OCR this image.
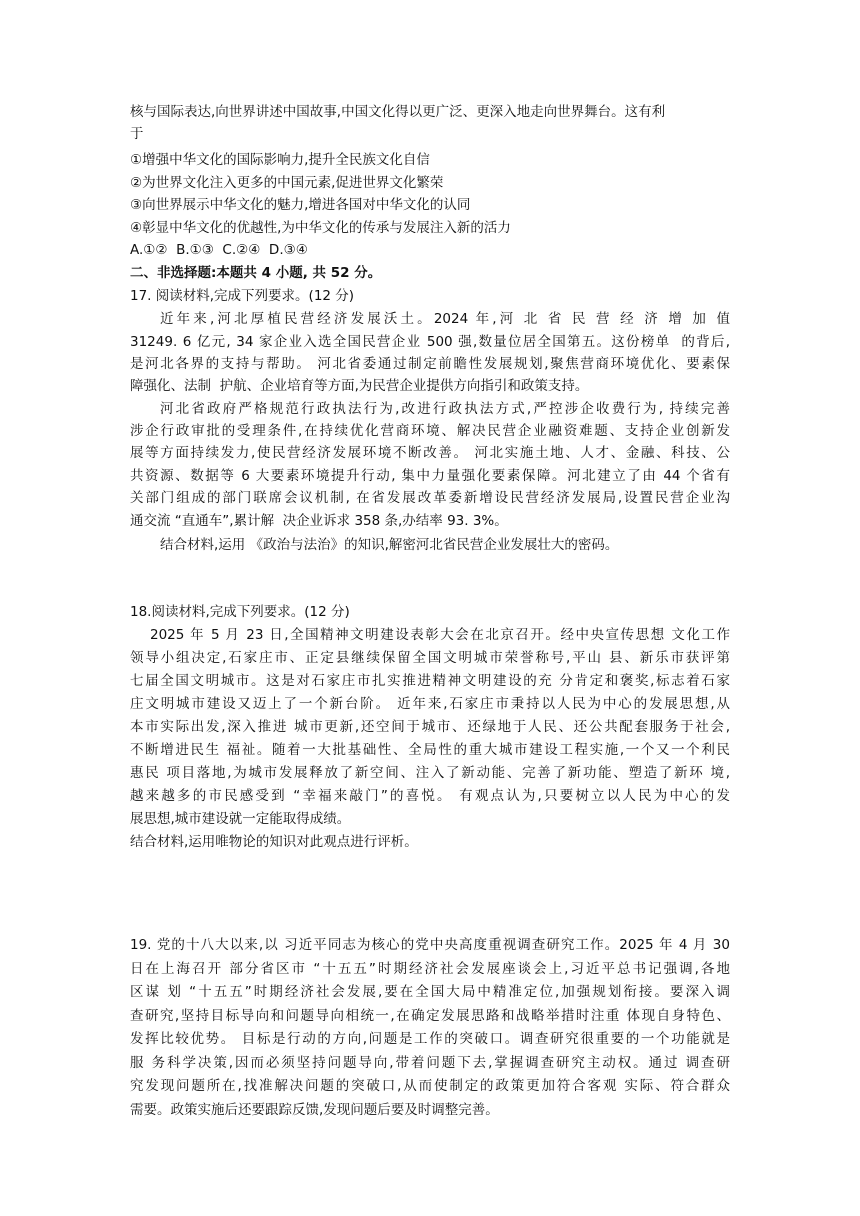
核与国际表达,向世界讲述中国故事,中国文化得以更广泛、更深入地走向世界舞台。这有利
于
①增强中华文化的国际影响力,提升全民族文化自信
②为世界文化注入更多的中国元素,促进世界文化繁荣
③向世界展示中华文化的魅力,增进各国对中华文化的认同
④彰显中华文化的优越性,为中华文化的传承与发展注入新的活力
A.①②  B.①③  C.②④  D.③④
二、非选择题:本题共 4 小题, 共 52 分。
17. 阅读材料,完成下列要求。(12 分)
近年来,河北厚植民营经济发展沃土。2024 年,河 北 省 民 营 经 济 增 加 值
31249. 6 亿元, 34 家企业入选全国民营企业 500 强,数量位居全国第五。这份榜单  的背后,
是河北各界的支持与帮助。 河北省委通过制定前瞻性发展规划,聚焦营商环境优化、要素保
障强化、法制  护航、企业培育等方面,为民营企业提供方向指引和政策支持。
河北省政府严格规范行政执法行为,改进行政执法方式,严控涉企收费行为, 持续完善
涉企行政审批的受理条件,在持续优化营商环境、解决民营企业融资难题、支持企业创新发
展等方面持续发力,使民营经济发展环境不断改善。 河北实施土地、人才、金融、科技、公
共资源、数据等 6 大要素环境提升行动, 集中力量强化要素保障。河北建立了由 44 个省有
关部门组成的部门联席会议机制, 在省发展改革委新增设民营经济发展局,设置民营企业沟
通交流 “直通车”,累计解  决企业诉求 358 条,办结率 93. 3%。
结合材料,运用 《政治与法治》的知识,解密河北省民营企业发展壮大的密码。
18.阅读材料,完成下列要求。(12 分)
2025 年 5 月 23 日,全国精神文明建设表彰大会在北京召开。经中央宣传思想 文化工作
领导小组决定,石家庄市、正定县继续保留全国文明城市荣誉称号,平山 县、新乐市获评第
七届全国文明城市。这是对石家庄市扎实推进精神文明建设的充 分肯定和褒奖,标志着石家
庄文明城市建设又迈上了一个新台阶。 近年来,石家庄市秉持以人民为中心的发展思想,从
本市实际出发,深入推进 城市更新,还空间于城市、还绿地于人民、还公共配套服务于社会,
不断增进民生 福祉。随着一大批基础性、全局性的重大城市建设工程实施,一个又一个利民
惠民 项目落地,为城市发展释放了新空间、注入了新动能、完善了新功能、塑造了新环 境,
越来越多的市民感受到 “幸福来敲门”的喜悦。 有观点认为,只要树立以人民为中心的发
展思想,城市建设就一定能取得成绩。
结合材料,运用唯物论的知识对此观点进行评析。
19. 党的十八大以来,以 习近平同志为核心的党中央高度重视调查研究工作。2025 年 4 月 30
日在上海召开 部分省区市 “十五五”时期经济社会发展座谈会上,习近平总书记强调,各地
区谋 划 “十五五”时期经济社会发展,要在全国大局中精准定位,加强规划衔接。要深入调
查研究,坚持目标导向和问题导向相统一,在确定发展思路和战略举措时注重 体现自身特色、
发挥比较优势。 目标是行动的方向,问题是工作的突破口。调查研究很重要的一个功能就是
服 务科学决策,因而必须坚持问题导向,带着问题下去,掌握调查研究主动权。通过 调查研
究发现问题所在,找准解决问题的突破口,从而使制定的政策更加符合客观 实际、符合群众
需要。政策实施后还要跟踪反馈,发现问题后要及时调整完善。
